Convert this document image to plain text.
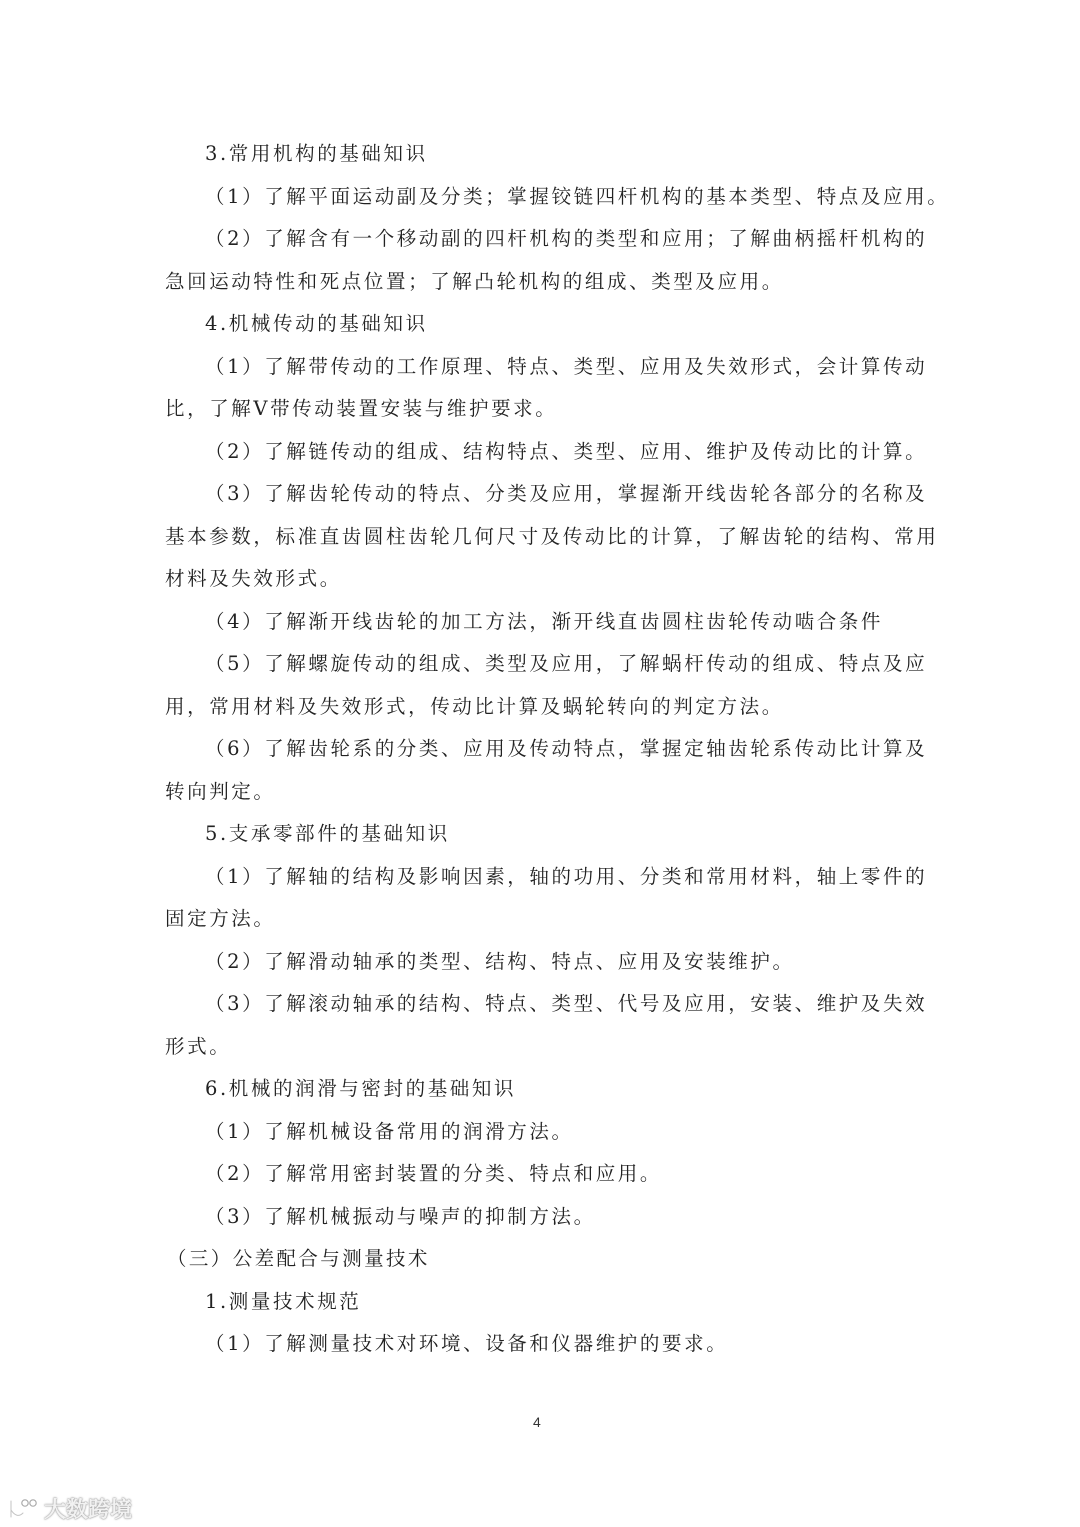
3.常用机构的基础知识
（1）了解平面运动副及分类；掌握铰链四杆机构的基本类型、特点及应用。
（2）了解含有一个移动副的四杆机构的类型和应用；了解曲柄摇杆机构的
急回运动特性和死点位置；了解凸轮机构的组成、类型及应用。
4.机械传动的基础知识
（1）了解带传动的工作原理、特点、类型、应用及失效形式，会计算传动
比，了解V带传动装置安装与维护要求。
（2）了解链传动的组成、结构特点、类型、应用、维护及传动比的计算。
（3）了解齿轮传动的特点、分类及应用，掌握渐开线齿轮各部分的名称及
基本参数，标准直齿圆柱齿轮几何尺寸及传动比的计算，了解齿轮的结构、常用
材料及失效形式。
（4）了解渐开线齿轮的加工方法，渐开线直齿圆柱齿轮传动啮合条件
（5）了解螺旋传动的组成、类型及应用，了解蜗杆传动的组成、特点及应
用，常用材料及失效形式，传动比计算及蜗轮转向的判定方法。
（6）了解齿轮系的分类、应用及传动特点，掌握定轴齿轮系传动比计算及
转向判定。
5.支承零部件的基础知识
（1）了解轴的结构及影响因素，轴的功用、分类和常用材料，轴上零件的
固定方法。
（2）了解滑动轴承的类型、结构、特点、应用及安装维护。
（3）了解滚动轴承的结构、特点、类型、代号及应用，安装、维护及失效
形式。
6.机械的润滑与密封的基础知识
（1）了解机械设备常用的润滑方法。
（2）了解常用密封装置的分类、特点和应用。
（3）了解机械振动与噪声的抑制方法。
（三）公差配合与测量技术
1.测量技术规范
（1）了解测量技术对环境、设备和仪器维护的要求。
4
大数跨境
